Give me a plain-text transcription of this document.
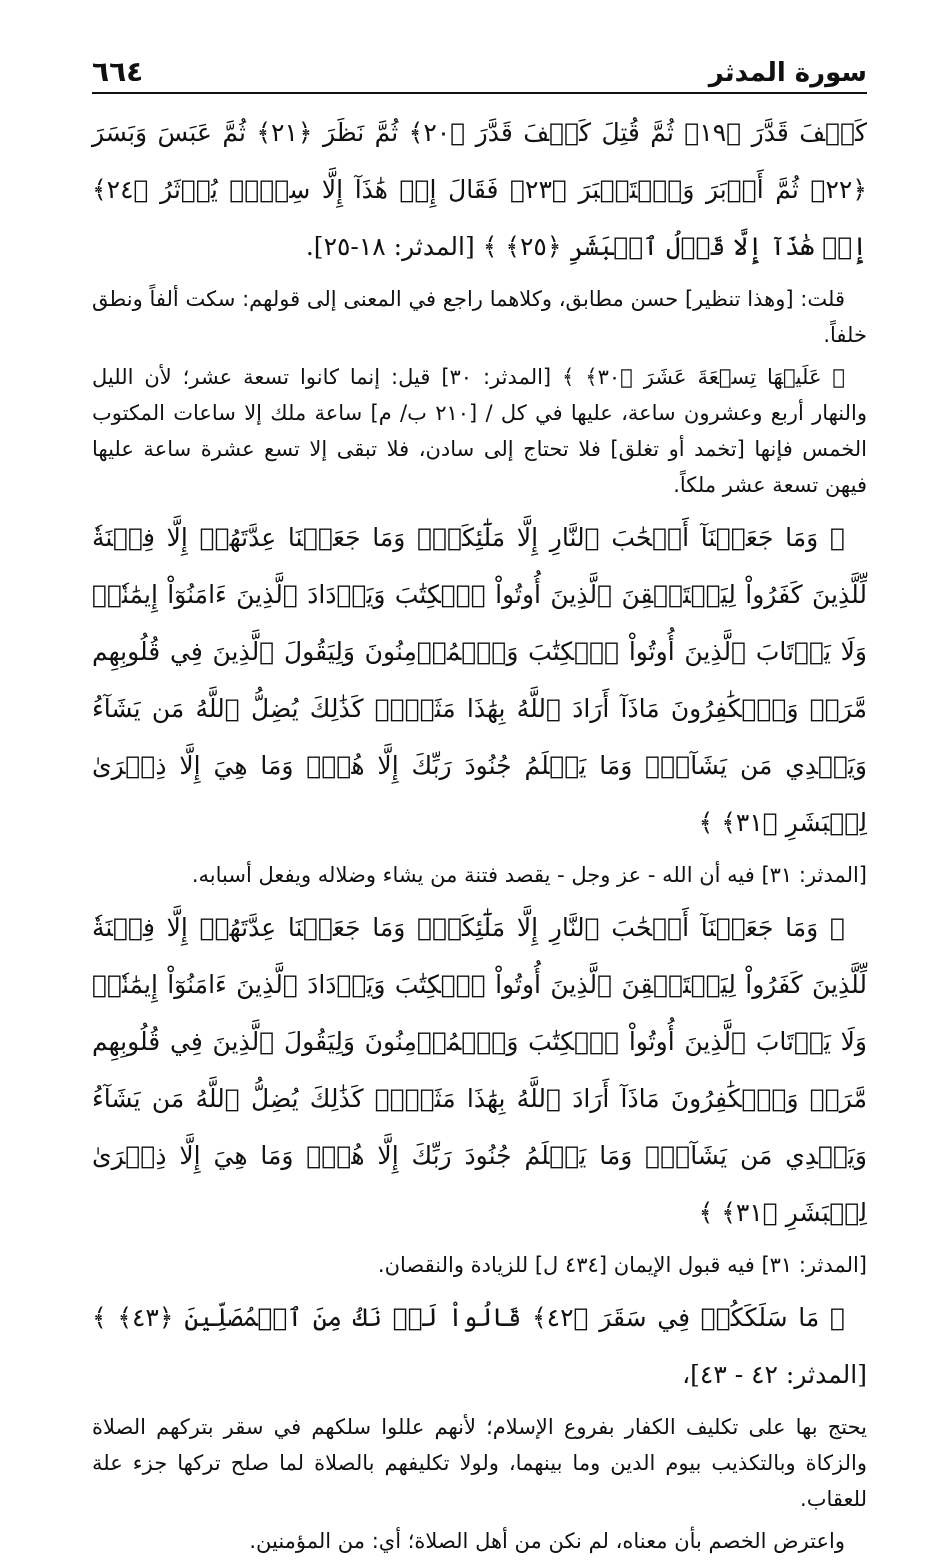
سورة المدثر
٦٦٤

كَيۡفَ قَدَّرَ ﴿١٩﴾ ثُمَّ قُتِلَ كَيۡفَ قَدَّرَ ﴿٢٠﴾ ثُمَّ نَظَرَ ﴿٢١﴾ ثُمَّ عَبَسَ وَبَسَرَ ﴿٢٢﴾ ثُمَّ أَدۡبَرَ وَٱسۡتَكۡبَرَ ﴿٢٣﴾ فَقَالَ إِنۡ هَٰذَآ إِلَّا سِحۡرٞ يُؤۡثَرُ ﴿٢٤﴾ إِنۡ هَٰذَآ إِلَّا قَوۡلُ ٱلۡبَشَرِ ﴿٢٥﴾ ﴾ [المدثر: ١٨-٢٥].

قلت: [وهذا تنظير] حسن مطابق، وكلاهما راجع في المعنى إلى قولهم: سكت ألفاً ونطق خلفاً.

﴿ عَلَيۡهَا تِسۡعَةَ عَشَرَ ﴿٣٠﴾ ﴾ [المدثر: ٣٠] قيل: إنما كانوا تسعة عشر؛ لأن الليل والنهار أربع وعشرون ساعة، عليها في كل / [٢١٠ ب/ م] ساعة ملك إلا ساعات المكتوب الخمس فإنها [تخمد أو تغلق] فلا تحتاج إلى سادن، فلا تبقى إلا تسع عشرة ساعة عليها فيهن تسعة عشر ملكاً.

﴿ وَمَا جَعَلۡنَآ أَصۡحَٰبَ ٱلنَّارِ إِلَّا مَلَٰٓئِكَةٗۖ وَمَا جَعَلۡنَا عِدَّتَهُمۡ إِلَّا فِتۡنَةٗ لِّلَّذِينَ كَفَرُواْ لِيَسۡتَيۡقِنَ ٱلَّذِينَ أُوتُواْ ٱلۡكِتَٰبَ وَيَزۡدَادَ ٱلَّذِينَ ءَامَنُوٓاْ إِيمَٰنٗاۙ وَلَا يَرۡتَابَ ٱلَّذِينَ أُوتُواْ ٱلۡكِتَٰبَ وَٱلۡمُؤۡمِنُونَ وَلِيَقُولَ ٱلَّذِينَ فِي قُلُوبِهِم مَّرَضٞ وَٱلۡكَٰفِرُونَ مَاذَآ أَرَادَ ٱللَّهُ بِهَٰذَا مَثَلٗاۚ كَذَٰلِكَ يُضِلُّ ٱللَّهُ مَن يَشَآءُ وَيَهۡدِي مَن يَشَآءُۚ وَمَا يَعۡلَمُ جُنُودَ رَبِّكَ إِلَّا هُوَۚ وَمَا هِيَ إِلَّا ذِكۡرَىٰ لِلۡبَشَرِ ﴿٣١﴾ ﴾

[المدثر: ٣١] فيه أن الله - عز وجل - يقصد فتنة من يشاء وضلاله ويفعل أسبابه.

﴿ وَمَا جَعَلۡنَآ أَصۡحَٰبَ ٱلنَّارِ إِلَّا مَلَٰٓئِكَةٗۖ وَمَا جَعَلۡنَا عِدَّتَهُمۡ إِلَّا فِتۡنَةٗ لِّلَّذِينَ كَفَرُواْ لِيَسۡتَيۡقِنَ ٱلَّذِينَ أُوتُواْ ٱلۡكِتَٰبَ وَيَزۡدَادَ ٱلَّذِينَ ءَامَنُوٓاْ إِيمَٰنٗاۙ وَلَا يَرۡتَابَ ٱلَّذِينَ أُوتُواْ ٱلۡكِتَٰبَ وَٱلۡمُؤۡمِنُونَ وَلِيَقُولَ ٱلَّذِينَ فِي قُلُوبِهِم مَّرَضٞ وَٱلۡكَٰفِرُونَ مَاذَآ أَرَادَ ٱللَّهُ بِهَٰذَا مَثَلٗاۚ كَذَٰلِكَ يُضِلُّ ٱللَّهُ مَن يَشَآءُ وَيَهۡدِي مَن يَشَآءُۚ وَمَا يَعۡلَمُ جُنُودَ رَبِّكَ إِلَّا هُوَۚ وَمَا هِيَ إِلَّا ذِكۡرَىٰ لِلۡبَشَرِ ﴿٣١﴾ ﴾

[المدثر: ٣١] فيه قبول الإيمان [٤٣٤ ل] للزيادة والنقصان.

﴿ مَا سَلَكَكُمۡ فِي سَقَرَ ﴿٤٢﴾ قَالُواْ لَمۡ نَكُ مِنَ ٱلۡمُصَلِّينَ ﴿٤٣﴾ ﴾ [المدثر: ٤٢ - ٤٣]،

يحتج بها على تكليف الكفار بفروع الإسلام؛ لأنهم عللوا سلكهم في سقر بتركهم الصلاة والزكاة وبالتكذيب بيوم الدين وما بينهما، ولولا تكليفهم بالصلاة لما صلح تركها جزء علة للعقاب.

واعترض الخصم بأن معناه، لم نكن من أهل الصلاة؛ أي: من المؤمنين.
